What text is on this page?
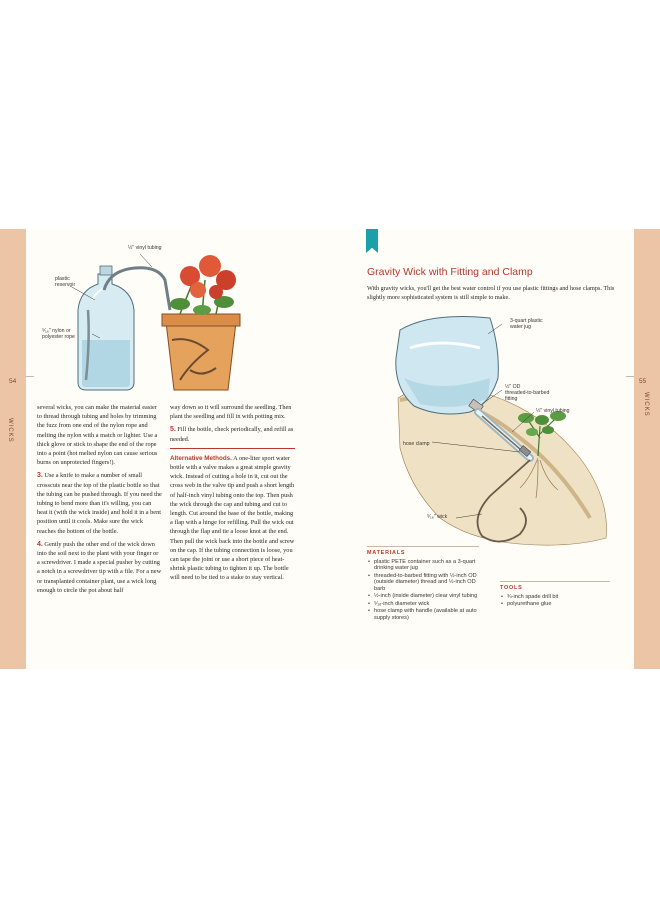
54
WICKS
55
WICKS
½" vinyl tubing
plastic
reservoir
⁵⁄₁₆" nylon or
polyester rope

several wicks, you can make the material easier to thread through tubing and holes by trimming the fuzz from one end of the nylon rope and melting the nylon with a match or lighter. Use a thick glove or stick to shape the end of the rope into a point (hot melted nylon can cause serious burns on unprotected fingers!).

3. Use a knife to make a number of small crosscuts near the top of the plastic bottle so that the tubing can be pushed through. If you need the tubing to bend more than it's willing, you can heat it (with the wick inside) and hold it in a bent position until it cools. Make sure the wick reaches the bottom of the bottle.

4. Gently push the other end of the wick down into the soil next to the plant with your finger or a screwdriver. I made a special pusher by cutting a notch in a screwdriver tip with a file. For a new or transplanted container plant, use a wick long enough to circle the pot about half

way down so it will surround the seedling. Then plant the seedling and fill in with potting mix.

5. Fill the bottle, check periodically, and refill as needed.

Alternative Methods. A one-liter sport water bottle with a valve makes a great simple gravity wick. Instead of cutting a hole in it, cut out the cross web in the valve tip and push a short length of half-inch vinyl tubing onto the top. Then push the wick through the cap and tubing and cut to length. Cut around the base of the bottle, making a flap with a hinge for refilling. Pull the wick out through the flap and tie a loose knot at the end. Then pull the wick back into the bottle and screw on the cap. If the tubing connection is loose, you can tape the joint or use a short piece of heat-shrink plastic tubing to tighten it up. The bottle will need to be tied to a stake to stay vertical.

Gravity Wick with Fitting and Clamp
With gravity wicks, you'll get the best water control if you use plastic fittings and hose clamps. This slightly more sophisticated system is still simple to make.
3-quart plastic
water jug
½" OD
threaded-to-barbed
fitting
½" vinyl tubing
hose clamp
⁵⁄₁₆" wick
MATERIALS
• plastic PETE container such as a 3-quart drinking water jug
• threaded-to-barbed fitting with ½-inch OD (outside diameter) thread and ½-inch OD barb
• ½-inch (inside diameter) clear vinyl tubing
• ⁵⁄₁₆-inch diameter wick
• hose clamp with handle (available at auto supply stores)
TOOLS
• ¾-inch spade drill bit
• polyurethane glue
